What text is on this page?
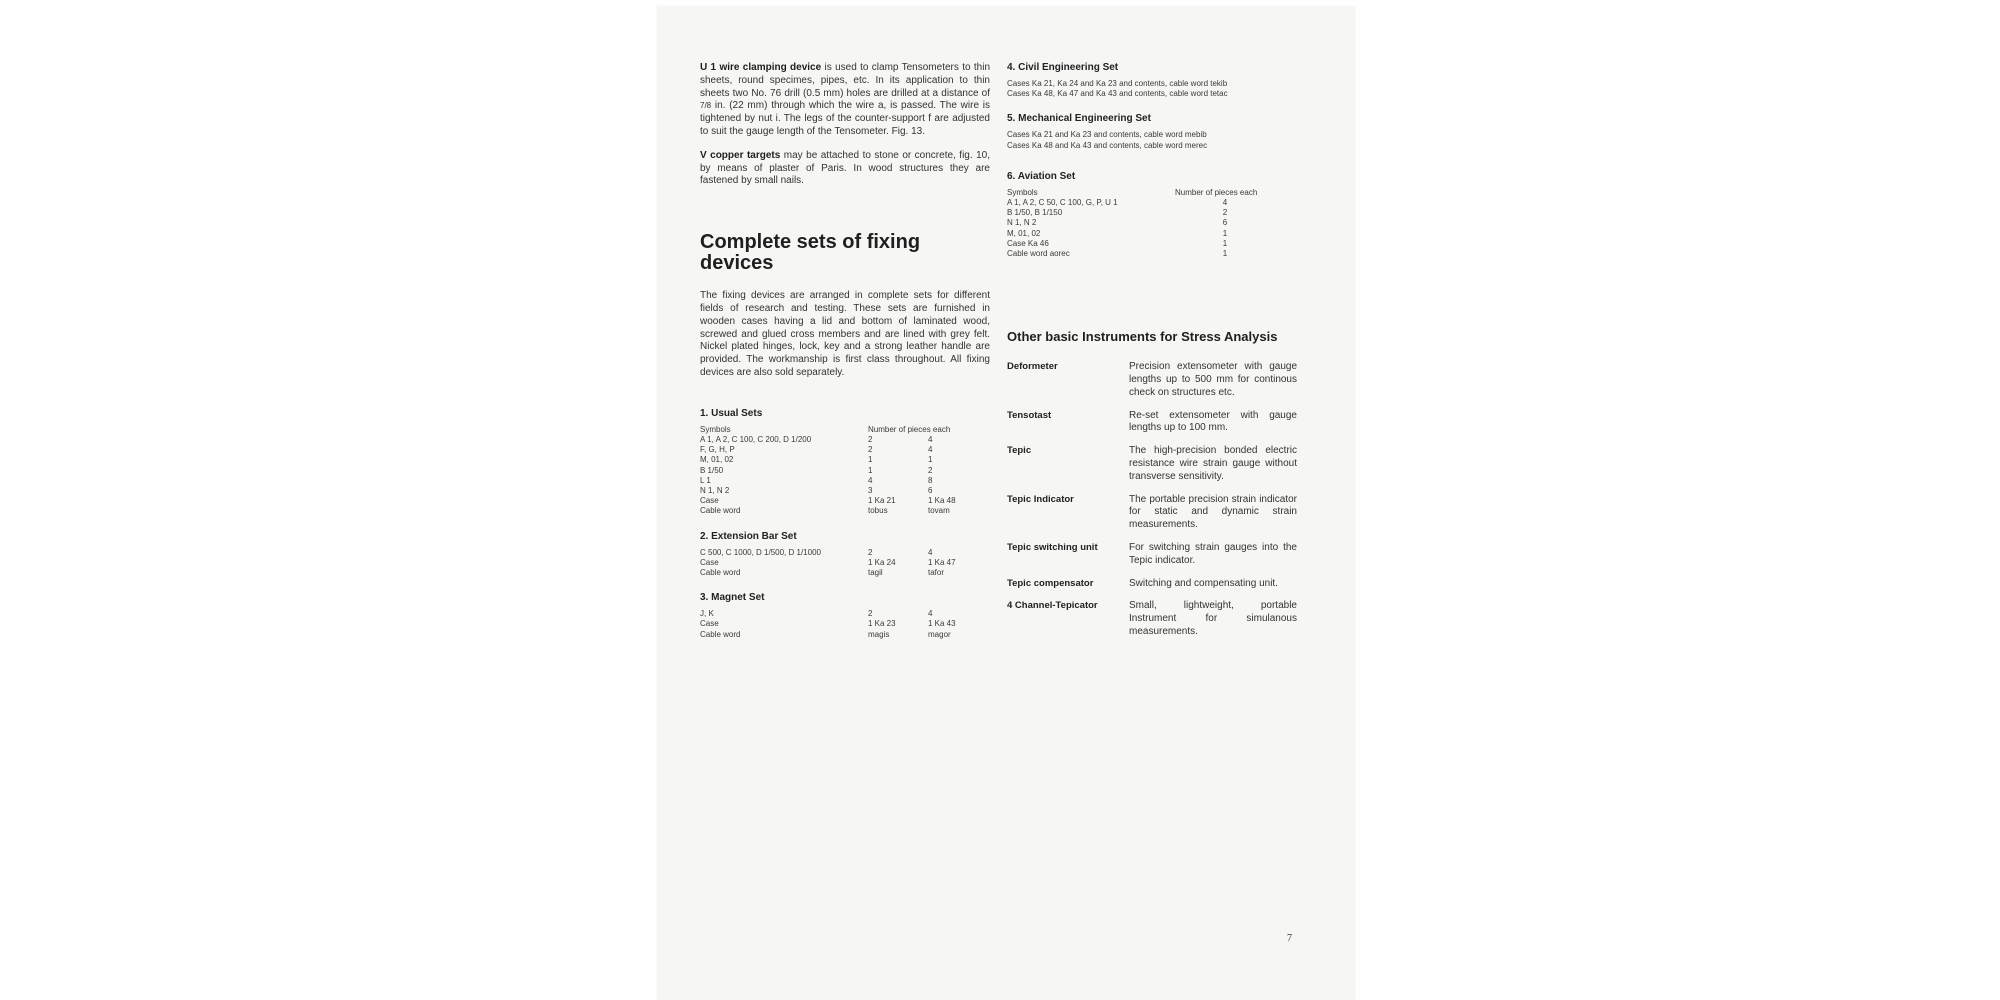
U 1 wire clamping device is used to clamp Tensometers to thin sheets, round specimes, pipes, etc. In its application to thin sheets two No. 76 drill (0.5 mm) holes are drilled at a distance of 7/8 in. (22 mm) through which the wire a, is passed. The wire is tightened by nut i. The legs of the counter-support f are adjusted to suit the gauge length of the Tensometer. Fig. 13.

V copper targets may be attached to stone or concrete, fig. 10, by means of plaster of Paris. In wood structures they are fastened by small nails.

Complete sets of fixing devices

The fixing devices are arranged in complete sets for different fields of research and testing. These sets are furnished in wooden cases having a lid and bottom of laminated wood, screwed and glued cross members and are lined with grey felt. Nickel plated hinges, lock, key and a strong leather handle are provided. The workmanship is first class throughout. All fixing devices are also sold separately.

1. Usual Sets
Symbols	Number of pieces each
A 1, A 2, C 100, C 200, D 1/200	2	4
F, G, H, P	2	4
M, 01, 02	1	1
B 1/50	1	2
L 1	4	8
N 1, N 2	3	6
Case	1 Ka 21	1 Ka 48
Cable word	tobus	tovam
2. Extension Bar Set
C 500, C 1000, D 1/500, D 1/1000	2	4
Case	1 Ka 24	1 Ka 47
Cable word	tagil	tafor
3. Magnet Set
J, K	2	4
Case	1 Ka 23	1 Ka 43
Cable word	magis	magor
4. Civil Engineering Set
Cases Ka 21, Ka 24 and Ka 23 and contents, cable word tekib
Cases Ka 48, Ka 47 and Ka 43 and contents, cable word tetac
5. Mechanical Engineering Set
Cases Ka 21 and Ka 23 and contents, cable word mebib
Cases Ka 48 and Ka 43 and contents, cable word merec
6. Aviation Set
Symbols	Number of pieces each
A 1, A 2, C 50, C 100, G, P, U 1	4
B 1/50, B 1/150	2
N 1, N 2	6
M, 01, 02	1
Case Ka 46	1
Cable word aorec	1
Other basic Instruments for Stress Analysis
Deformeter	Precision extensometer with gauge lengths up to 500 mm for continous check on structures etc.
Tensotast	Re-set extensometer with gauge lengths up to 100 mm.
Tepic	The high-precision bonded electric resistance wire strain gauge without transverse sensitivity.
Tepic Indicator	The portable precision strain indicator for static and dynamic strain measurements.
Tepic switching unit	For switching strain gauges into the Tepic indicator.
Tepic compensator	Switching and compensating unit.
4 Channel-Tepicator	Small, lightweight, portable Instrument for simulanous measurements.
7
